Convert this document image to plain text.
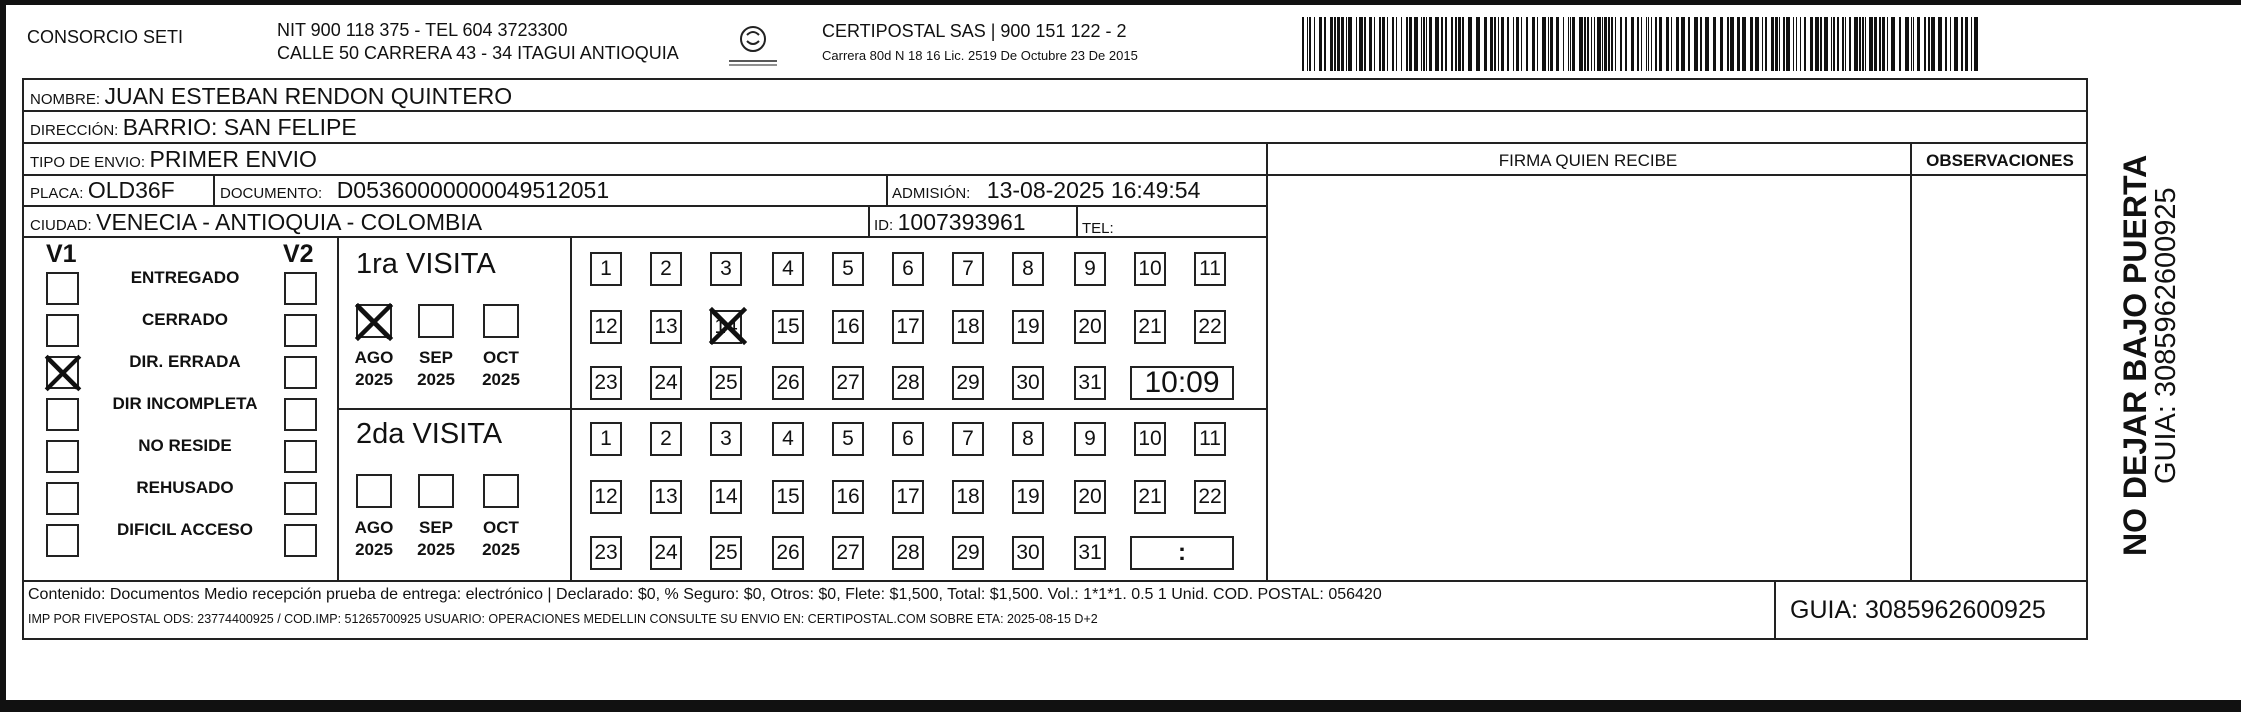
CONSORCIO SETI	NIT 900 118 375 - TEL 604 3723300
CALLE 50 CARRERA 43 - 34 ITAGUI ANTIOQUIA
CERTIPOSTAL SAS | 900 151 122 - 2
Carrera 80d N 18 16 Lic. 2519 De Octubre 23 De 2015
NOMBRE: JUAN ESTEBAN RENDON QUINTERO
DIRECCIÓN: BARRIO: SAN FELIPE
TIPO DE ENVIO: PRIMER ENVIO
PLACA: OLD36F	DOCUMENTO: D05360000000049512051	ADMISIÓN: 13-08-2025 16:49:54
CIUDAD: VENECIA - ANTIOQUIA - COLOMBIA	ID: 1007393961	TEL:
FIRMA QUIEN RECIBE	OBSERVACIONES
V1	V2
ENTREGADO
CERRADO
DIR. ERRADA
DIR INCOMPLETA
NO RESIDE
REHUSADO
DIFICIL ACCESO
1ra VISITA
2da VISITA
AGO
2025
SEP
2025
OCT
2025
1	2	3	4	5	6	7	8	9	10 11
12 13 14 15 16 17 18 19 20 21 22
23 24 25 26 27 28 29 30 31	10:09
AGO
2025
SEP
2025
OCT
2025
1	2	3	4	5	6	7	8	9	10 11
12 13 14 15 16 17 18 19 20 21 22
23 24 25 26 27 28 29 30 31	:
Contenido: Documentos Medio recepción prueba de entrega: electrónico | Declarado: $0, % Seguro: $0, Otros: $0, Flete: $1,500, Total: $1,500. Vol.: 1*1*1. 0.5 1 Unid. COD. POSTAL: 056420
IMP POR FIVEPOSTAL ODS: 23774400925 / COD.IMP: 51265700925 USUARIO: OPERACIONES MEDELLIN CONSULTE SU ENVIO EN: CERTIPOSTAL.COM SOBRE ETA: 2025-08-15 D+2	GUIA: 3085962600925
NO DEJAR BAJO PUERTA
GUIA: 3085962600925
